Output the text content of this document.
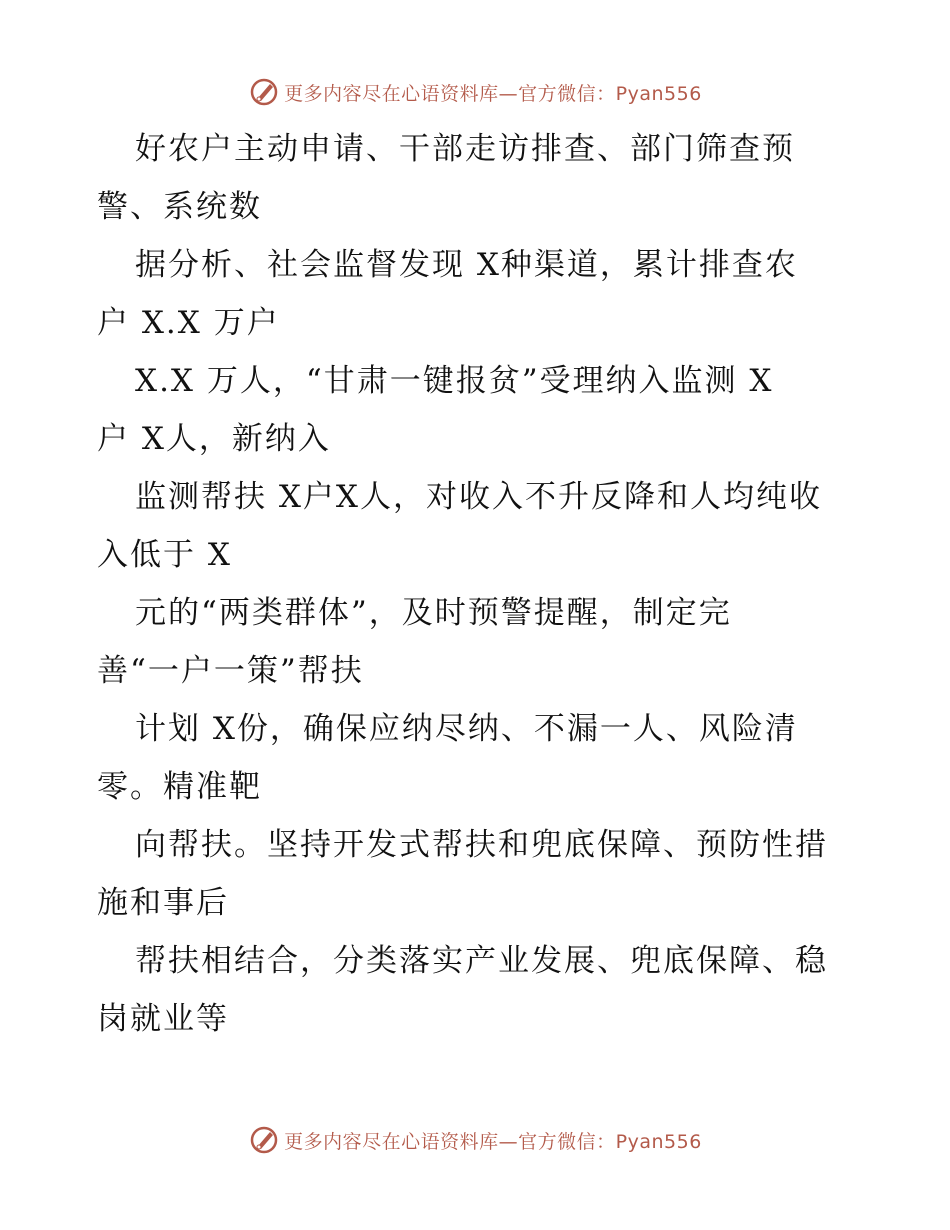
更多内容尽在心语资料库—官方微信：Pyan556
好农户主动申请、干部走访排查、部门筛查预
警、系统数
据分析、社会监督发现 X种渠道，累计排查农
户 X.X 万户
X.X 万人，“甘肃一键报贫”受理纳入监测 X
户 X人，新纳入
监测帮扶 X户X人，对收入不升反降和人均纯收
入低于 X
元的“两类群体”，及时预警提醒，制定完
善“一户一策”帮扶
计划 X份，确保应纳尽纳、不漏一人、风险清
零。精准靶
向帮扶。坚持开发式帮扶和兜底保障、预防性措
施和事后
帮扶相结合，分类落实产业发展、兜底保障、稳
岗就业等
更多内容尽在心语资料库—官方微信：Pyan556
